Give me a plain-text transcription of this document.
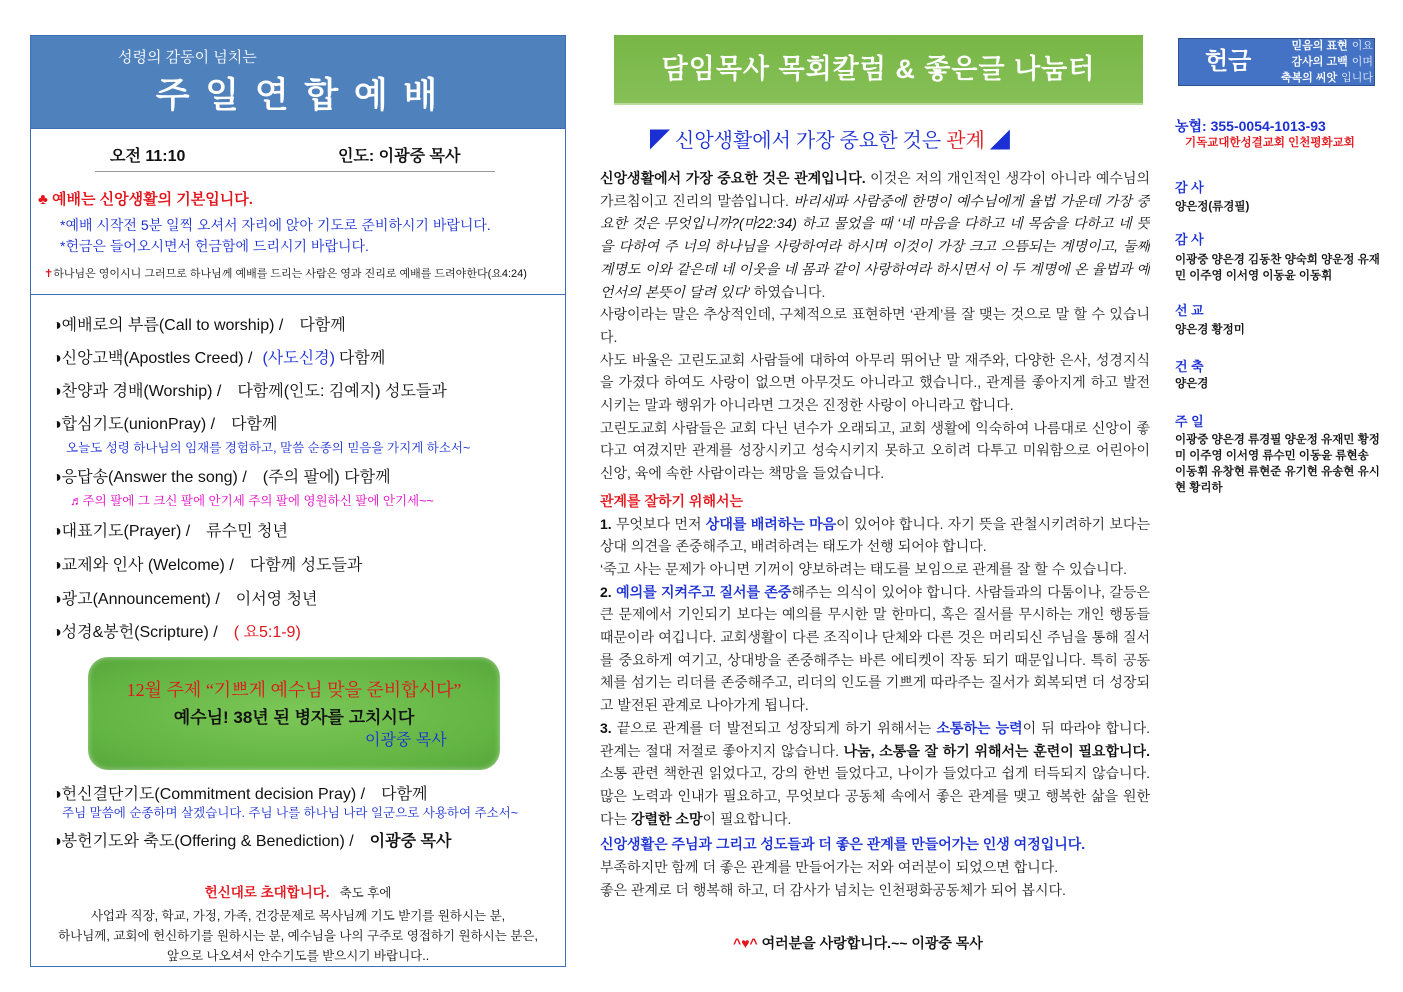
성령의 감동이 넘치는
주 일 연 합 예 배
오전 11:10	인도: 이광중 목사
♣ 예배는 신앙생활의 기본입니다.
*예배 시작전 5분 일찍 오셔서 자리에 앉아 기도로 준비하시기 바랍니다.
*헌금은 들어오시면서 헌금함에 드리시기 바랍니다.
✝하나님은 영이시니 그러므로 하나님께 예배를 드리는 사람은 영과 진리로 예배를 드려야한다(요4:24)
◑예배로의 부름(Call to worship) / 다함께
◑신앙고백(Apostles Creed) / (사도신경) 다함께
◑찬양과 경배(Worship) / 다함께(인도: 김예지) 성도들과
◑합심기도(unionPray) / 다함께
오늘도 성령 하나님의 임재를 경험하고, 말씀 순종의 믿음을 가지게 하소서~
◑응답송(Answer the song) / (주의 팔에) 다함께
♬주의 팔에 그 크신 팔에 안기세 주의 팔에 영원하신 팔에 안기세~~
◑대표기도(Prayer) / 류수민 청년
◑교제와 인사 (Welcome) / 다함께 성도들과
◑광고(Announcement) / 이서영 청년
◑성경&봉헌(Scripture) / ( 요5:1-9)
12월 주제 “기쁘게 예수님 맞을 준비합시다”
예수님! 38년 된 병자를 고치시다
이광중 목사
◑헌신결단기도(Commitment decision Pray) / 다함께
주님 말씀에 순종하며 살겠습니다. 주님 나를 하나님 나라 일군으로 사용하여 주소서~
◑봉헌기도와 축도(Offering & Benediction) / 이광중 목사
헌신대로 초대합니다. 축도 후에
사업과 직장, 학교, 가정, 가족, 건강문제로 목사님께 기도 받기를 원하시는 분,
하나님께, 교회에 헌신하기를 원하시는 분, 예수님을 나의 구주로 영접하기 원하시는 분은,
앞으로 나오셔서 안수기도를 받으시기 바랍니다..
담임목사 목회칼럼 & 좋은글 나눔터
◤ 신앙생활에서 가장 중요한 것은 관계 ◢

신앙생활에서 가장 중요한 것은 관계입니다. 이것은 저의 개인적인 생각이 아니라 예수님의 가르침이고 진리의 말씀입니다. 바리새파 사람중에 한명이 예수님에게 율법 가운데 가장 중요한 것은 무엇입니까?(마22:34) 하고 물었을 때 ‘네 마음을 다하고 네 목숨을 다하고 네 뜻을 다하여 주 너의 하나님을 사랑하여라 하시며 이것이 가장 크고 으뜸되는 계명이고, 둘째 계명도 이와 같은데 네 이웃을 네 몸과 같이 사랑하여라 하시면서 이 두 계명에 온 율법과 예언서의 본뜻이 달려 있다’ 하였습니다.

사랑이라는 말은 추상적인데, 구체적으로 표현하면 ‘관계’를 잘 맺는 것으로 말 할 수 있습니다.

사도 바울은 고린도교회 사람들에 대하여 아무리 뛰어난 말 재주와, 다양한 은사, 성경지식을 가졌다 하여도 사랑이 없으면 아무것도 아니라고 했습니다., 관계를 좋아지게 하고 발전시키는 말과 행위가 아니라면 그것은 진정한 사랑이 아니라고 합니다.

고린도교회 사람들은 교회 다닌 년수가 오래되고, 교회 생활에 익숙하여 나름대로 신앙이 좋다고 여겼지만 관계를 성장시키고 성숙시키지 못하고 오히려 다투고 미워함으로 어린아이 신앙, 육에 속한 사람이라는 책망을 들었습니다.

관계를 잘하기 위해서는

1. 무엇보다 먼저 상대를 배려하는 마음이 있어야 합니다. 자기 뜻을 관철시키려하기 보다는 상대 의견을 존중해주고, 배려하려는 태도가 선행 되어야 합니다.

‘죽고 사는 문제가 아니면 기꺼이 양보하려는 태도를 보임으로 관계를 잘 할 수 있습니다.

2. 예의를 지켜주고 질서를 존중해주는 의식이 있어야 합니다. 사람들과의 다툼이나, 갈등은 큰 문제에서 기인되기 보다는 예의를 무시한 말 한마디, 혹은 질서를 무시하는 개인 행동들 때문이라 여깁니다. 교회생활이 다른 조직이나 단체와 다른 것은 머리되신 주님을 통해 질서를 중요하게 여기고, 상대방을 존중해주는 바른 에티켓이 작동 되기 때문입니다. 특히 공동체를 섬기는 리더를 존중해주고, 리더의 인도를 기쁘게 따라주는 질서가 회복되면 더 성장되고 발전된 관계로 나아가게 됩니다.

3. 끝으로 관계를 더 발전되고 성장되게 하기 위해서는 소통하는 능력이 뒤 따라야 합니다. 관계는 절대 저절로 좋아지지 않습니다. 나눔, 소통을 잘 하기 위해서는 훈련이 필요합니다. 소통 관련 책한권 읽었다고, 강의 한번 들었다고, 나이가 들었다고 쉽게 터득되지 않습니다. 많은 노력과 인내가 필요하고, 무엇보다 공동체 속에서 좋은 관계를 맺고 행복한 삶을 원한다는 강렬한 소망이 필요합니다.

신앙생활은 주님과 그리고 성도들과 더 좋은 관계를 만들어가는 인생 여정입니다.

부족하지만 함께 더 좋은 관계를 만들어가는 저와 여러분이 되었으면 합니다.

좋은 관계로 더 행복해 하고, 더 감사가 넘치는 인천평화공동체가 되어 봅시다.

^♥^ 여러분을 사랑합니다.~~ 이광중 목사
헌금
믿음의 표현 이요
감사의 고백 이며
축복의 씨앗 입니다
농협: 355-0054-1013-93
기독교대한성결교회 인천평화교회
감 사
양은정(류경필)
감 사
이광중 양은경 김동찬 양숙희 양운정 유재민 이주영 이서영 이동윤 이동휘
선 교
양은경 황정미
건 축
양은경
주 일
이광중 양은경 류경필 양운정 유재민 황정미 이주영 이서영 류수민 이동윤 류현송 이동휘 유창현 류현준 유기현 유송현 유시현 황리하
